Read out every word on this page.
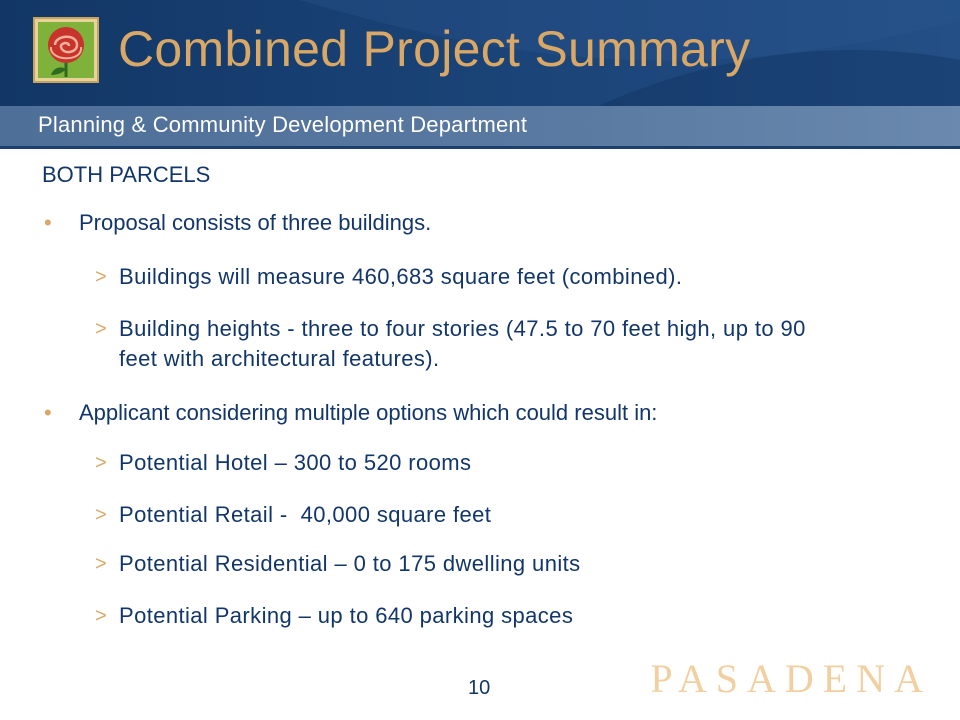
Combined Project Summary
Planning & Community Development Department
BOTH PARCELS
• Proposal consists of three buildings.
> Buildings will measure 460,683 square feet (combined).
> Building heights - three to four stories (47.5 to 70 feet high, up to 90 feet with architectural features).
• Applicant considering multiple options which could result in:
> Potential Hotel – 300 to 520 rooms
> Potential Retail -  40,000 square feet
> Potential Residential – 0 to 175 dwelling units
> Potential Parking – up to 640 parking spaces
PASADENA
10
